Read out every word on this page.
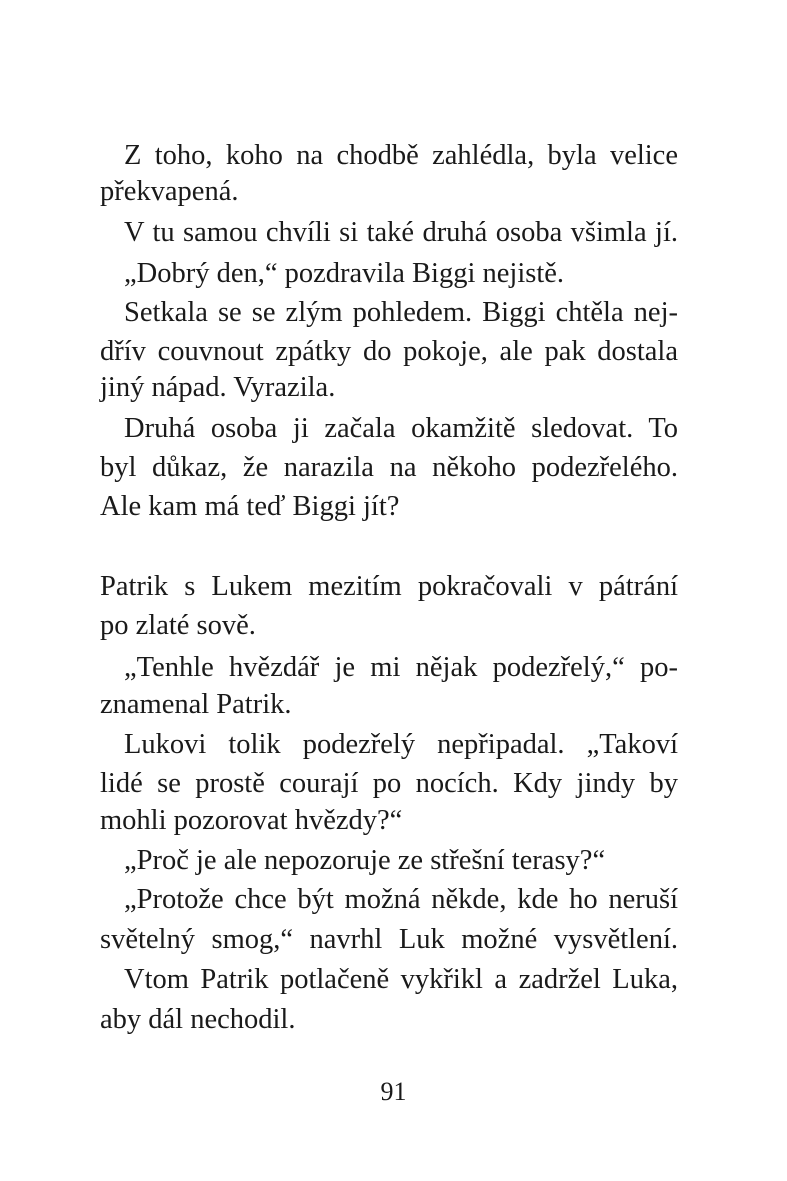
Z toho, koho na chodbě zahlédla, byla velice

překvapená.

V tu samou chvíli si také druhá osoba všimla jí.

„Dobrý den,“ pozdravila Biggi nejistě.

Setkala se se zlým pohledem. Biggi chtěla nej-

dřív couvnout zpátky do pokoje, ale pak dostala

jiný nápad. Vyrazila.

Druhá osoba ji začala okamžitě sledovat. To

byl důkaz, že narazila na někoho podezřelého.

Ale kam má teď Biggi jít?

Patrik s Lukem mezitím pokračovali v pátrání

po zlaté sově.

„Tenhle hvězdář je mi nějak podezřelý,“ po-

znamenal Patrik.

Lukovi tolik podezřelý nepřipadal. „Takoví

lidé se prostě courají po nocích. Kdy jindy by

mohli pozorovat hvězdy?“

„Proč je ale nepozoruje ze střešní terasy?“

„Protože chce být možná někde, kde ho neruší

světelný smog,“ navrhl Luk možné vysvětlení.

Vtom Patrik potlačeně vykřikl a zadržel Luka,

aby dál nechodil.

91
